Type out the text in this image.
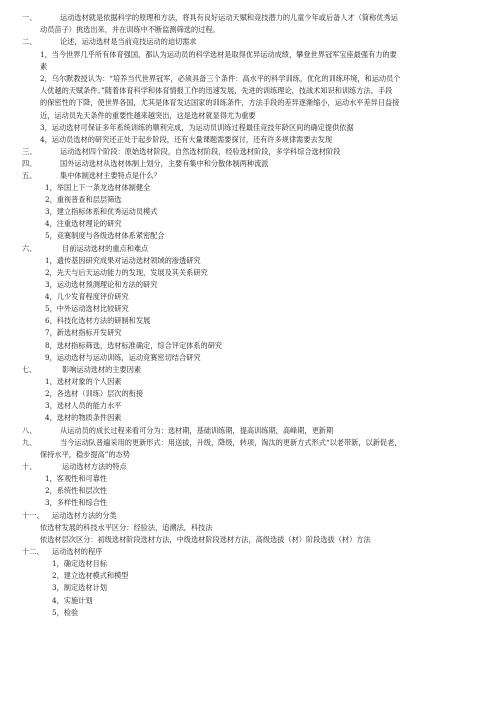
一、	运动选材就是依据科学的原理和方法，将具有良好运动天赋和竞技潜力的儿童少年或后备人才（简称优秀运
动员苗子）挑选出来，并在训练中不断监测筛选的过程。
二、	论述，运动选材是当前竞技运动的迫切需求
1，当今世界几乎所有体育强国，都认为运动员的科学选材是取得优异运动成绩，攀登世界冠军宝座最强有力的要
素
2，乌尔默教授认为：“培养当代世界冠军，必须具备三个条件：高水平的科学训练，优化的训练环境，和运动员个
人优越的天赋条件。”随着体育科学和体育情报工作的迅速发展，先进的训练理论，技战术知识和训练方法，手段
的保密性的下降，使世界各国，尤其是体育发达国家的训练条件，方法手段的差异逐渐缩小，运动水平差异日益接
近，运动员先天条件的重要性越来越突出，这是选材就显得尤为重要
3，运动选材可保证多年系统训练的顺利完成，为运动员训练过程最佳竞技年龄区间的确定提供依据
4，运动员选材的研究还正处于起步阶段，还有大量课题需要探讨，还有许多规律需要去发现
三、	运动选材四个阶段：原始选材阶段，自然选材阶段，经验选材阶段，多学科综合选材阶段
四、	国外运动选材从选材体制上划分，主要有集中和分散体制两种流派
五、	集中体制选材主要特点是什么？
1，举国上下一条龙选材体制健全
2，重视普查和层层筛选
3，建立指标体系和优秀运动员模式
4，注重选材理论的研究
5，竞赛制度与各级选材体系紧密配合
六、	目前运动选材的重点和难点
1，遗传基因研究成果对运动选材领域的渗透研究
2，先天与后天运动能力的发现，发展及其关系研究
3，运动选材预测理论和方法的研究
4，儿少发育程度评价研究
5，中外运动选材比较研究
6，科技化选材方法的研制和发展
7，新选材指标开发研究
8，选材指标筛选，选材标准确定，综合评定体系的研究
9，运动选材与运动训练，运动竞赛密切结合研究
七、	影响运动选材的主要因素
1，选材对象的个人因素
2，各选材（训练）层次的衔接
3，选材人员的能力水平
4，选材的物质条件因素
八、	从运动员的成长过程来看可分为：选材期，基础训练期，提高训练期，高峰期，更新期
九、	当今运动队普遍采用的更新形式：用送拔，升级，降级，转项，淘汰的更新方式形式“以老带新，以新促老，
保持水平，稳步提高”的态势
十、	运动选材方法的特点
1，客观性和可靠性
2，系统性和层次性
3，多样性和综合性
十一、 运动选材方法的分类
依选材发展的科技水平区分：经验法，追溯法，科技法
依选材层次区分：初级选材阶段选材方法，中级选材阶段选材方法，高级选拔（材）阶段选拔（材）方法
十二、 运动选材的程序
1，确定选材目标
2，建立选材模式和模型
3，制定选材计划
4，实施计划
5，检验
